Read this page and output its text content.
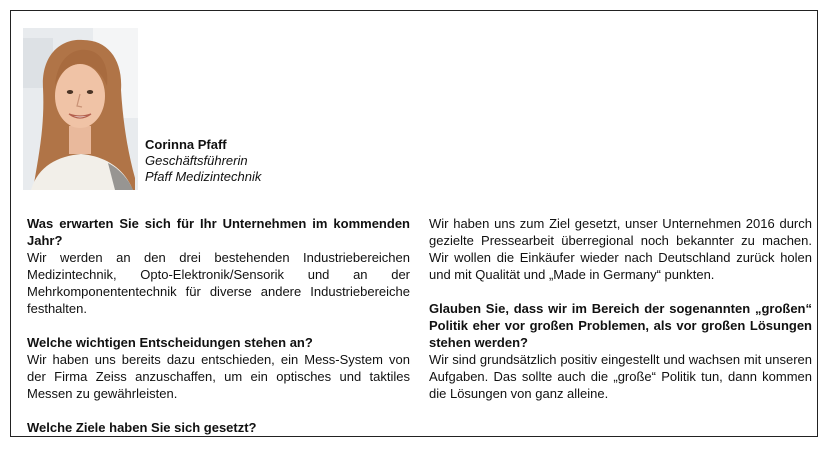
Corinna Pfaff
Geschäftsführerin
Pfaff Medizintechnik

Was erwarten Sie sich für Ihr Unternehmen im kommenden Jahr?

Wir werden an den drei bestehenden Industriebereichen Medizintechnik, Opto-Elektronik/Sensorik und an der Mehrkomponententechnik für diverse andere Industriebereiche festhalten.

Welche wichtigen Entscheidungen stehen an?

Wir haben uns bereits dazu entschieden, ein Mess-System von der Firma Zeiss anzuschaffen, um ein optisches und taktiles Messen zu gewährleisten.

Welche Ziele haben Sie sich gesetzt?

Wir haben uns zum Ziel gesetzt, unser Unternehmen 2016 durch gezielte Pressearbeit überregional noch bekannter zu machen. Wir wollen die Einkäufer wieder nach Deutschland zurück holen und mit Qualität und „Made in Germany“ punkten.

Glauben Sie, dass wir im Bereich der sogenannten „großen“ Politik eher vor großen Problemen, als vor großen Lösungen stehen werden?

Wir sind grundsätzlich positiv eingestellt und wachsen mit unseren Aufgaben. Das sollte auch die „große“ Politik tun, dann kommen die Lösungen von ganz alleine.
